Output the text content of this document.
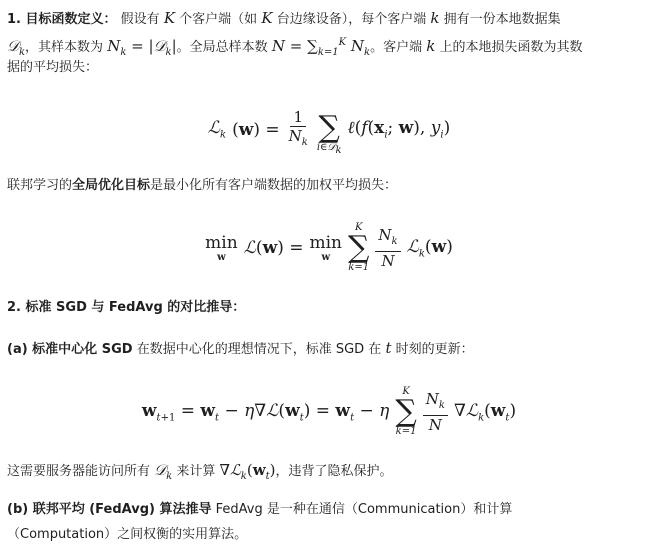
1. 目标函数定义： 假设有 K 个客户端（如 K 台边缘设备），每个客户端 k 拥有一份本地数据集
𝒟$_k$，其样本数为 $N_k$ = |𝒟$_k$|。全局总样本数 $N = \sum_{k=1}^K$ $N_k$。客户端 k 上的本地损失函数为其数
据的平均损失：
ℒ$_k$ $(w) = \frac{1}{N_k}$
∑
i∈𝒟$_k$
$\ell(f(x_i$; w), $y_i$)
联邦学习的全局优化目标是最小化所有客户端数据的加权平均损失：
min
w ℒ(w) = min
w
K
∑
$k=1 \frac{N_k}{N}$ ℒ$_k$(w)
2. 标准 SGD 与 FedAvg 的对比推导：
(a) 标准中心化 SGD 在数据中心化的理想情况下，标准 SGD 在 t 时刻的更新：
$w_{t+1} = w_t$ − $\eta\nabla ℒ(w_t) = w_t - \eta$
K
∑
$k=1 \frac{N_k}{N}$ $\nabla ℒ_k(w_t)$
这需要服务器能访问所有 𝒟$_k$ 来计算 $\nabla ℒ_k(w_t)$，违背了隐私保护。
(b) 联邦平均 (FedAvg) 算法推导 FedAvg 是一种在通信（Communication）和计算
（Computation）之间权衡的实用算法。
